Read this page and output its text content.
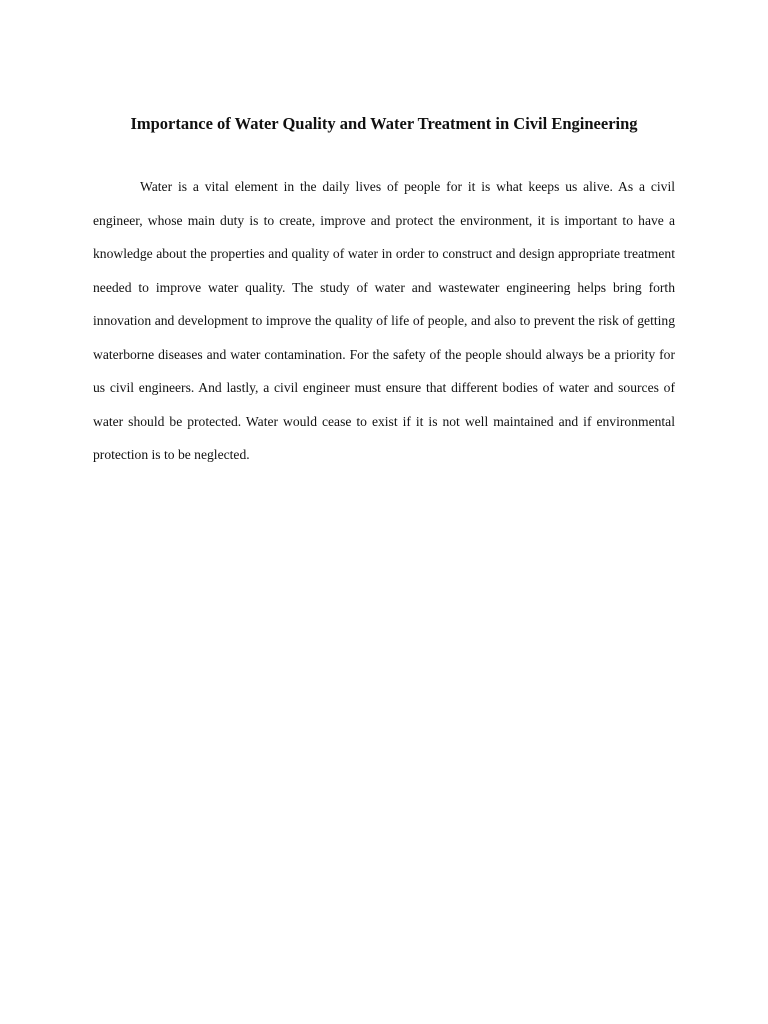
Importance of Water Quality and Water Treatment in Civil Engineering

Water is a vital element in the daily lives of people for it is what keeps us alive. As a civil engineer, whose main duty is to create, improve and protect the environment, it is important to have a knowledge about the properties and quality of water in order to construct and design appropriate treatment needed to improve water quality. The study of water and wastewater engineering helps bring forth innovation and development to improve the quality of life of people, and also to prevent the risk of getting waterborne diseases and water contamination. For the safety of the people should always be a priority for us civil engineers. And lastly, a civil engineer must ensure that different bodies of water and sources of water should be protected. Water would cease to exist if it is not well maintained and if environmental protection is to be neglected.
